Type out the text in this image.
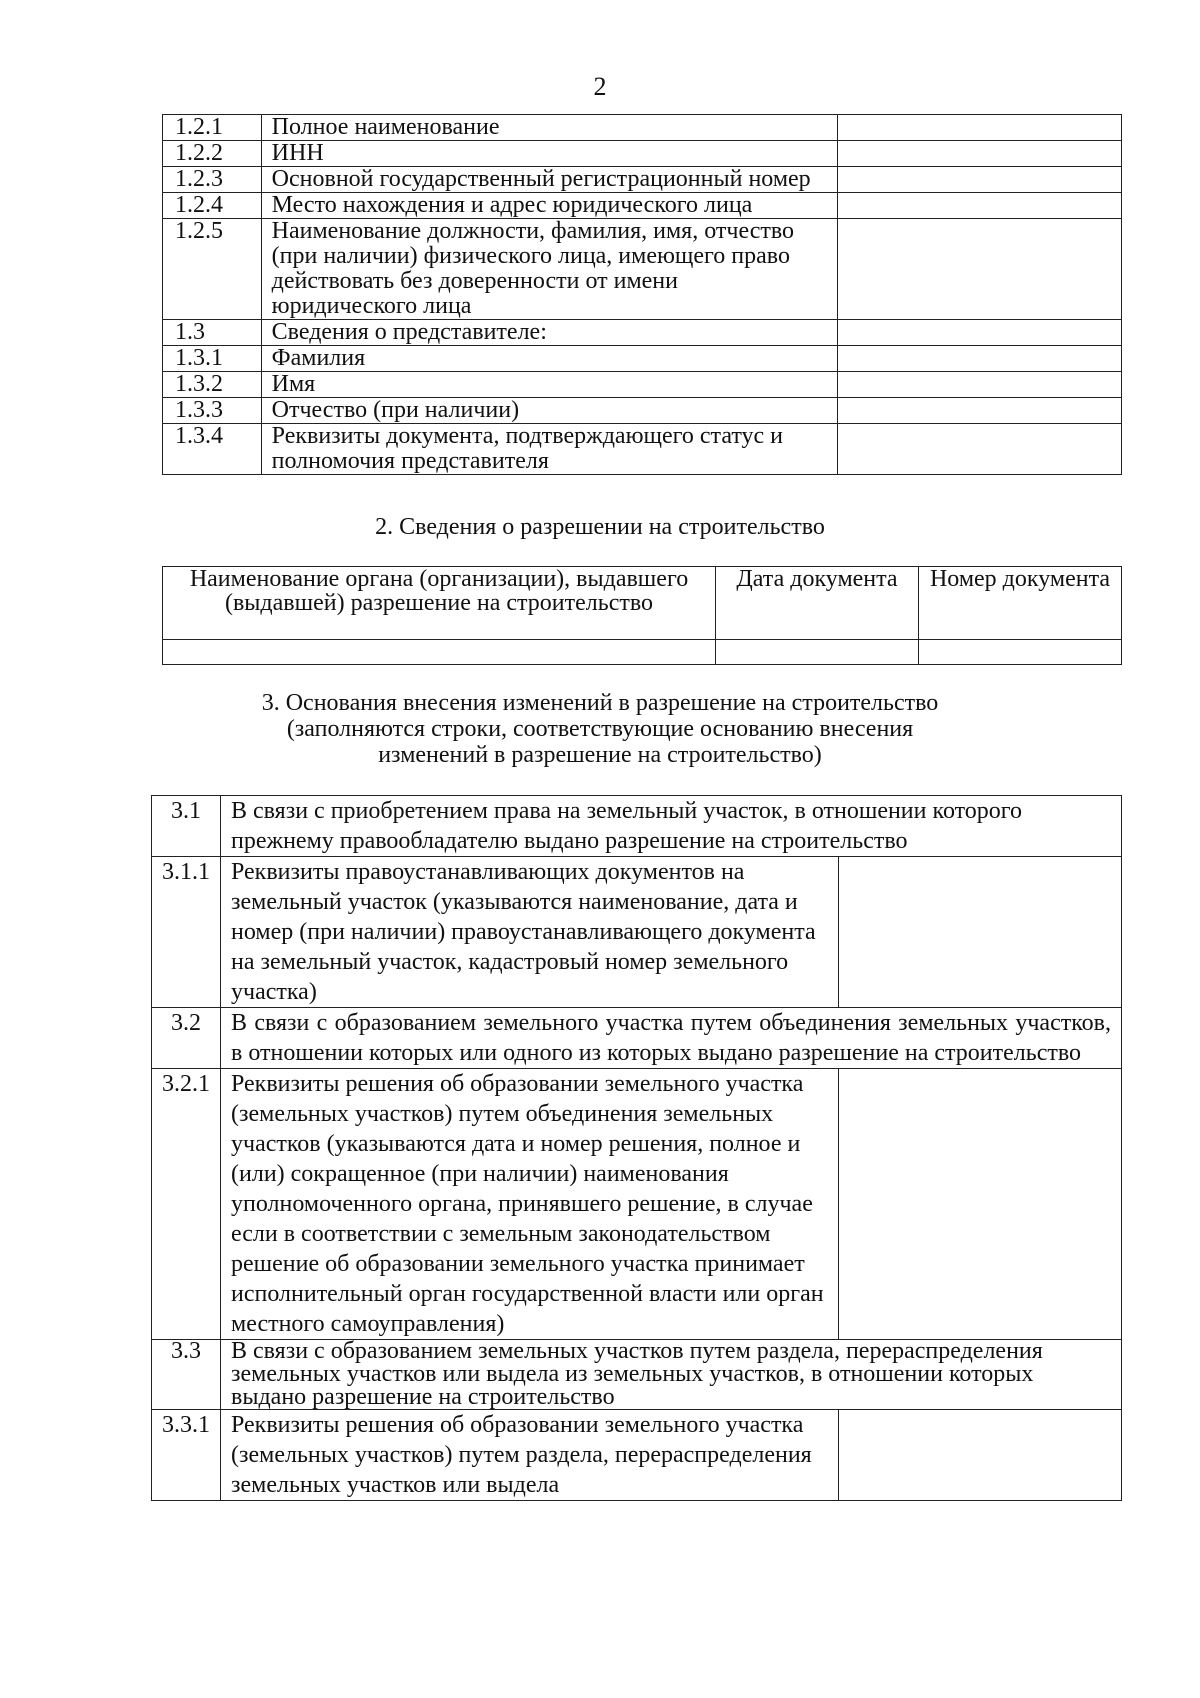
2
1.2.1	Полное наименование	
1.2.2	ИНН	
1.2.3	Основной государственный регистрационный номер	
1.2.4	Место нахождения и адрес юридического лица	
1.2.5	Наименование должности, фамилия, имя, отчество (при наличии) физического лица, имеющего право действовать без доверенности от имени юридического лица	
1.3	Сведения о представителе:	
1.3.1	Фамилия	
1.3.2	Имя	
1.3.3	Отчество (при наличии)	
1.3.4	Реквизиты документа, подтверждающего статус и полномочия представителя	
2. Сведения о разрешении на строительство
Наименование органа (организации), выдавшего (выдавшей) разрешение на строительство	Дата документа	Номер документа

3. Основания внесения изменений в разрешение на строительство
(заполняются строки, соответствующие основанию внесения
изменений в разрешение на строительство)
3.1	В связи с приобретением права на земельный участок, в отношении которого прежнему правообладателю выдано разрешение на строительство	
3.1.1	Реквизиты правоустанавливающих документов на земельный участок (указываются наименование, дата и номер (при наличии) правоустанавливающего документа на земельный участок, кадастровый номер земельного участка)	
3.2	В связи с образованием земельного участка путем объединения земельных участков, в отношении которых или одного из которых выдано разрешение на строительство	
3.2.1	Реквизиты решения об образовании земельного участка (земельных участков) путем объединения земельных участков (указываются дата и номер решения, полное и (или) сокращенное (при наличии) наименования уполномоченного органа, принявшего решение, в случае если в соответствии с земельным законодательством решение об образовании земельного участка принимает исполнительный орган государственной власти или орган местного самоуправления)	
3.3	В связи с образованием земельных участков путем раздела, перераспределения земельных участков или выдела из земельных участков, в отношении которых выдано разрешение на строительство	
3.3.1	Реквизиты решения об образовании земельного участка (земельных участков) путем раздела, перераспределения земельных участков или выдела	
